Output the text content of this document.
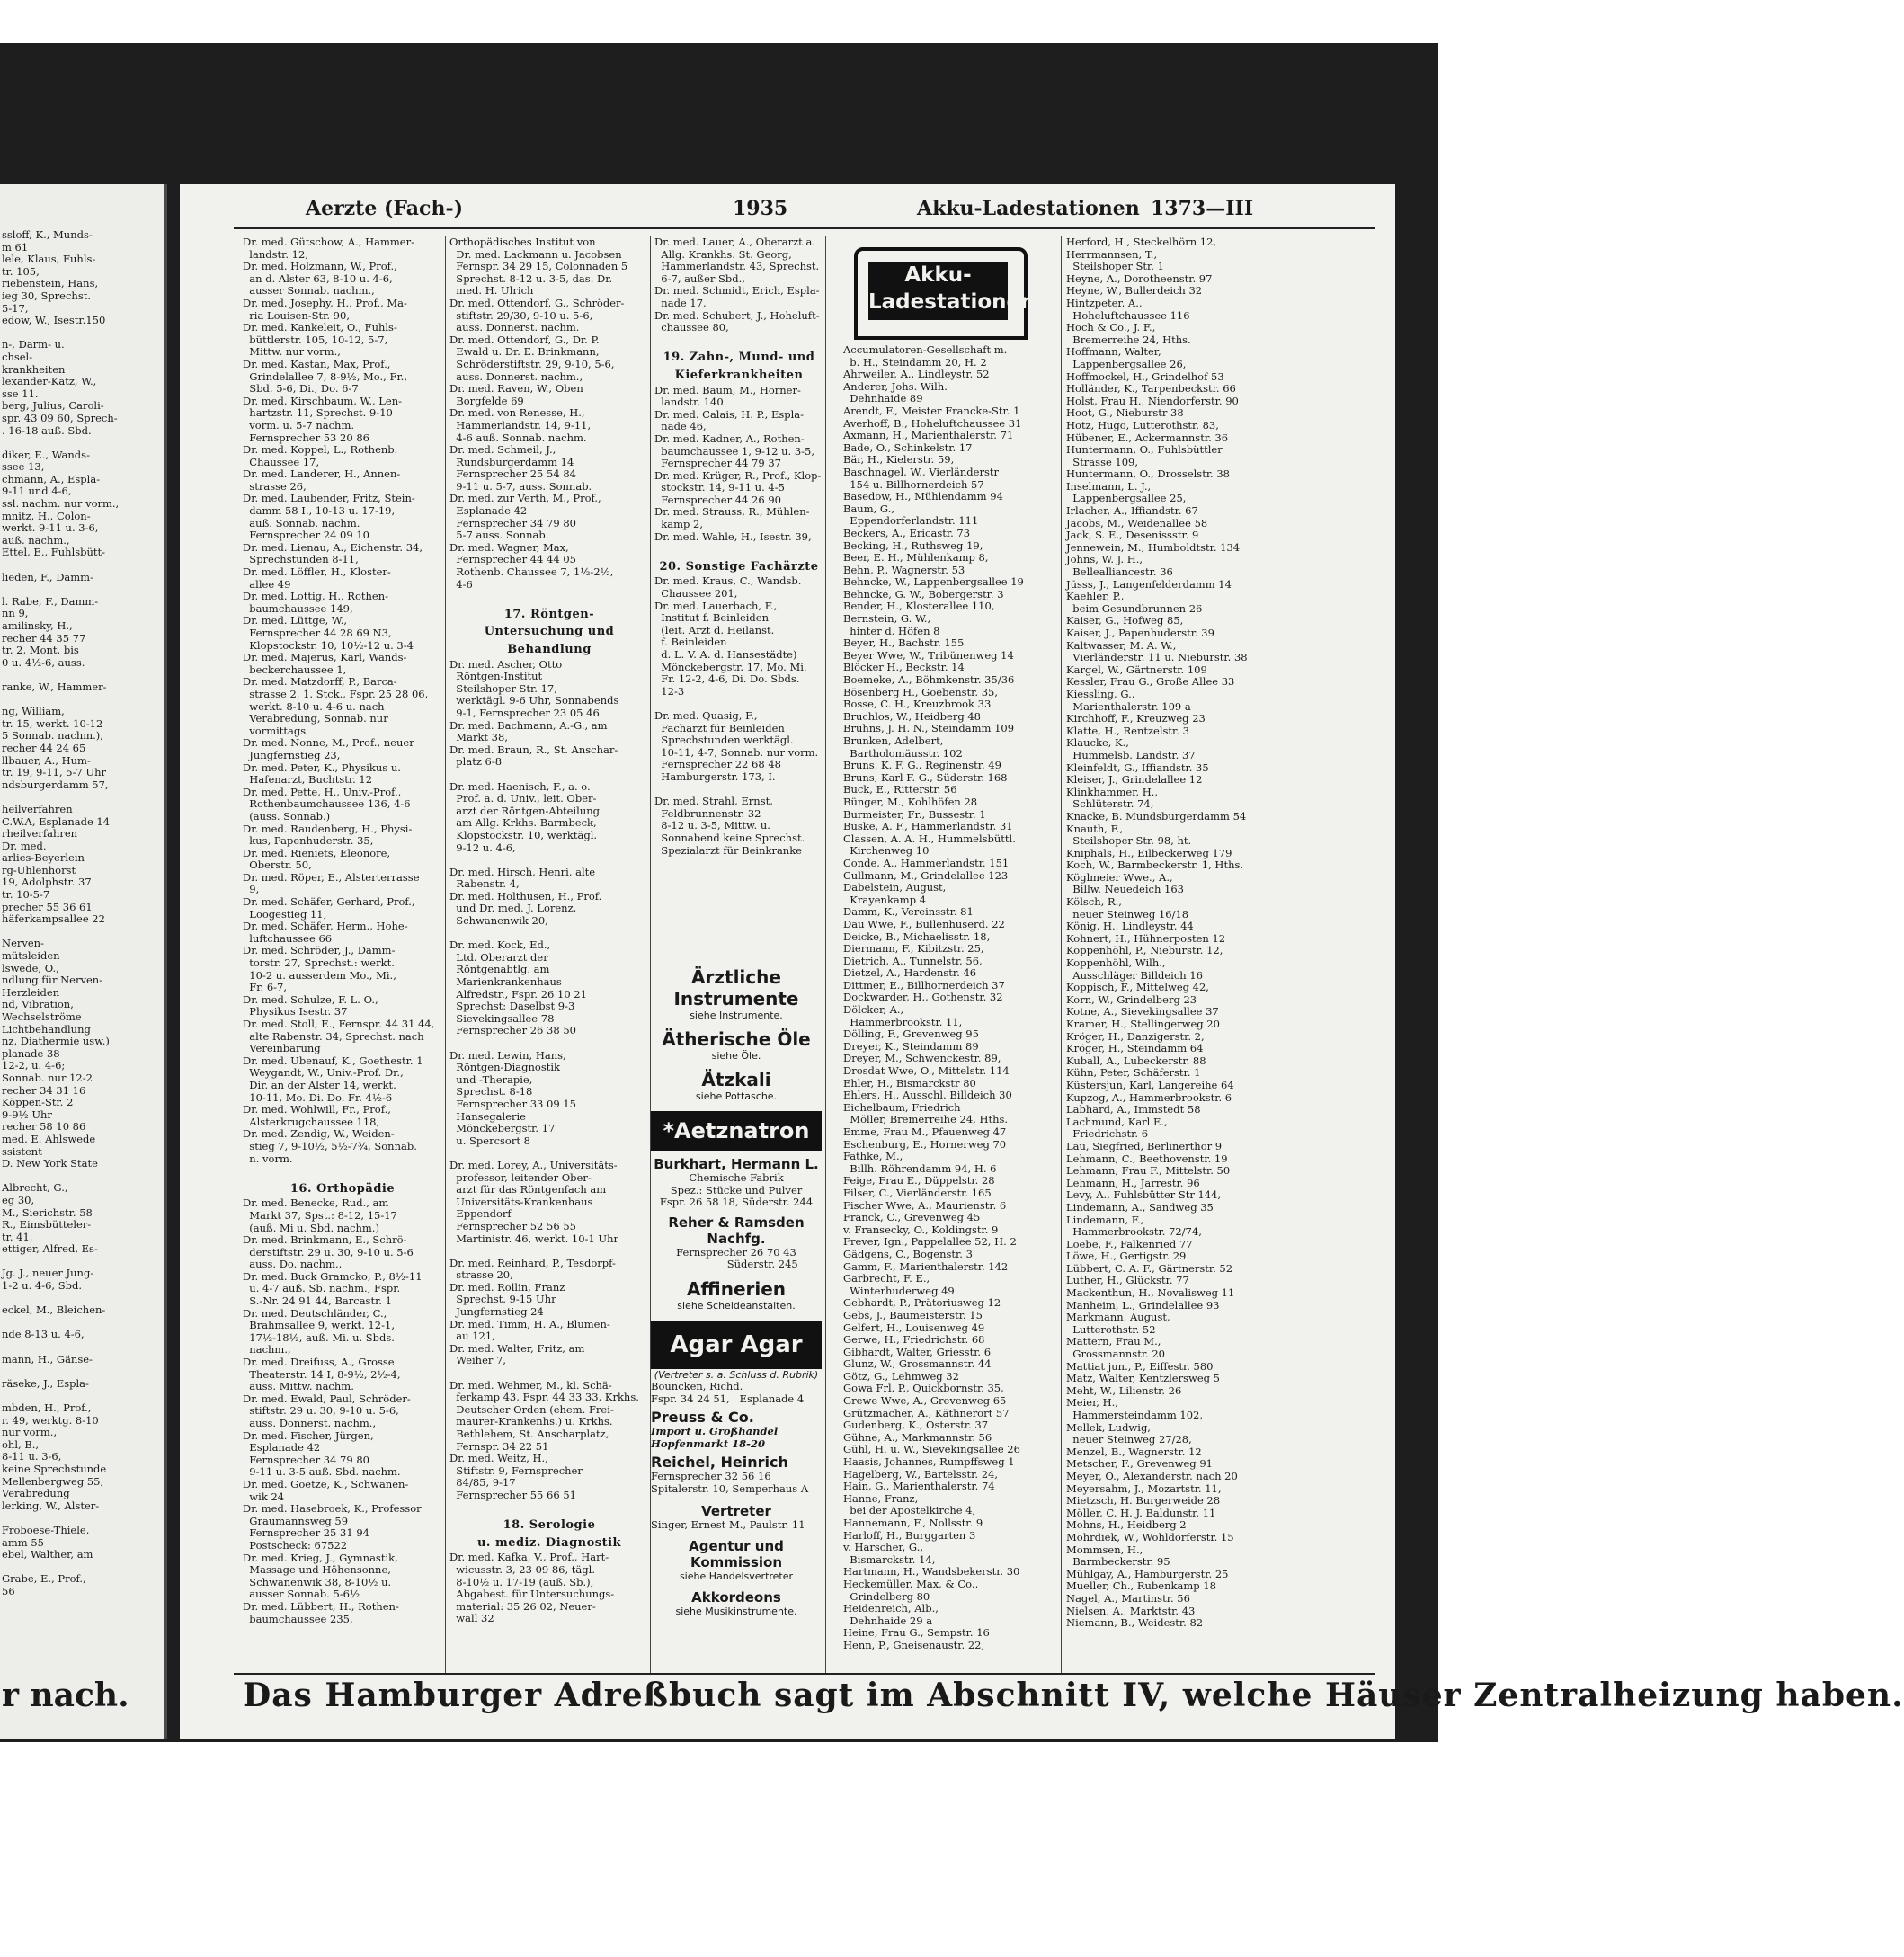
ssloff, K., Munds-

m 61

lele, Klaus, Fuhls-

tr. 105,

riebenstein, Hans,

ieg 30, Sprechst.

5-17,

edow, W., Isestr.150

n-, Darm- u.

chsel-

krankheiten

lexander-Katz, W.,

sse 11.

berg, Julius, Caroli-

spr. 43 09 60, Sprech-

. 16-18 auß. Sbd.

diker, E., Wands-

ssee 13,

chmann, A., Espla-

9-11 und 4-6,

ssl. nachm. nur vorm.,

mnitz, H., Colon-

werkt. 9-11 u. 3-6,

auß. nachm.,

Ettel, E., Fuhlsbütt-

lieden, F., Damm-

l. Rabe, F., Damm-

nn 9,

amilinsky, H.,

recher 44 35 77

tr. 2, Mont. bis

0 u. 4½-6, auss.

ranke, W., Hammer-

ng, William,

tr. 15, werkt. 10-12

5 Sonnab. nachm.),

recher 44 24 65

llbauer, A., Hum-

tr. 19, 9-11, 5-7 Uhr

ndsburgerdamm 57,

heilverfahren

C.W.A, Esplanade 14

rheilverfahren

Dr. med.

arlies-Beyerlein

rg-Uhlenhorst

19, Adolphstr. 37

tr. 10-5-7

precher 55 36 61

häferkampsallee 22

Nerven-

mütsleiden

lswede, O.,

ndlung für Nerven-

Herzleiden

nd, Vibration,

Wechselströme

Lichtbehandlung

nz, Diathermie usw.)

planade 38

12-2, u. 4-6;

Sonnab. nur 12-2

recher 34 31 16

Köppen-Str. 2

9-9½ Uhr

recher 58 10 86

med. E. Ahlswede

ssistent

D. New York State

Albrecht, G.,

eg 30,

M., Sierichstr. 58

R., Eimsbütteler-

tr. 41,

ettiger, Alfred, Es-

Jg. J., neuer Jung-

1-2 u. 4-6, Sbd.

eckel, M., Bleichen-

nde 8-13 u. 4-6,

mann, H., Gänse-

räseke, J., Espla-

mbden, H., Prof.,

r. 49, werktg. 8-10

nur vorm.,

ohl, B.,

8-11 u. 3-6,

keine Sprechstunde

Mellenbergweg 55,

Verabredung

lerking, W., Alster-

Froboese-Thiele,

amm 55

ebel, Walther, am

Grabe, E., Prof.,

56

r nach.
Aerzte (Fach-)	1935	Akku-Ladestationen 1373—III

Dr. med. Gütschow, A., Hammer-

landstr. 12,

Dr. med. Holzmann, W., Prof.,

an d. Alster 63, 8-10 u. 4-6,

ausser Sonnab. nachm.,

Dr. med. Josephy, H., Prof., Ma-

ria Louisen-Str. 90,

Dr. med. Kankeleit, O., Fuhls-

büttlerstr. 105, 10-12, 5-7,

Mittw. nur vorm.,

Dr. med. Kastan, Max, Prof.,

Grindelallee 7, 8-9½, Mo., Fr.,

Sbd. 5-6, Di., Do. 6-7

Dr. med. Kirschbaum, W., Len-

hartzstr. 11, Sprechst. 9-10

vorm. u. 5-7 nachm.

Fernsprecher 53 20 86

Dr. med. Koppel, L., Rothenb.

Chaussee 17,

Dr. med. Landerer, H., Annen-

strasse 26,

Dr. med. Laubender, Fritz, Stein-

damm 58 I., 10-13 u. 17-19,

auß. Sonnab. nachm.

Fernsprecher 24 09 10

Dr. med. Lienau, A., Eichenstr. 34,

Sprechstunden 8-11,

Dr. med. Löffler, H., Kloster-

allee 49

Dr. med. Lottig, H., Rothen-

baumchaussee 149,

Dr. med. Lüttge, W.,

Fernsprecher 44 28 69 N3,

Klopstockstr. 10, 10½-12 u. 3-4

Dr. med. Majerus, Karl, Wands-

beckerchaussee 1,

Dr. med. Matzdorff, P., Barca-

strasse 2, 1. Stck., Fspr. 25 28 06,

werkt. 8-10 u. 4-6 u. nach

Verabredung, Sonnab. nur

vormittags

Dr. med. Nonne, M., Prof., neuer

Jungfernstieg 23,

Dr. med. Peter, K., Physikus u.

Hafenarzt, Buchtstr. 12

Dr. med. Pette, H., Univ.-Prof.,

Rothenbaumchaussee 136, 4-6

(auss. Sonnab.)

Dr. med. Raudenberg, H., Physi-

kus, Papenhuderstr. 35,

Dr. med. Rieniets, Eleonore,

Oberstr. 50,

Dr. med. Röper, E., Alsterterrasse

9,

Dr. med. Schäfer, Gerhard, Prof.,

Loogestieg 11,

Dr. med. Schäfer, Herm., Hohe-

luftchaussee 66

Dr. med. Schröder, J., Damm-

torstr. 27, Sprechst.: werkt.

10-2 u. ausserdem Mo., Mi.,

Fr. 6-7,

Dr. med. Schulze, F. L. O.,

Physikus Isestr. 37

Dr. med. Stoll, E., Fernspr. 44 31 44,

alte Rabenstr. 34, Sprechst. nach

Vereinbarung

Dr. med. Ubenauf, K., Goethestr. 1

Weygandt, W., Univ.-Prof. Dr.,

Dir. an der Alster 14, werkt.

10-11, Mo. Di. Do. Fr. 4½-6

Dr. med. Wohlwill, Fr., Prof.,

Alsterkrugchaussee 118,

Dr. med. Zendig, W., Weiden-

stieg 7, 9-10½, 5½-7¾, Sonnab.

n. vorm.

16. Orthopädie

Dr. med. Benecke, Rud., am

Markt 37, Spst.: 8-12, 15-17

(auß. Mi u. Sbd. nachm.)

Dr. med. Brinkmann, E., Schrö-

derstiftstr. 29 u. 30, 9-10 u. 5-6

auss. Do. nachm.,

Dr. med. Buck Gramcko, P., 8½-11

u. 4-7 auß. Sb. nachm., Fspr.

S.-Nr. 24 91 44, Barcastr. 1

Dr. med. Deutschländer, C.,

Brahmsallee 9, werkt. 12-1,

17½-18½, auß. Mi. u. Sbds.

nachm.,

Dr. med. Dreifuss, A., Grosse

Theaterstr. 14 I, 8-9½, 2½-4,

auss. Mittw. nachm.

Dr. med. Ewald, Paul, Schröder-

stiftstr. 29 u. 30, 9-10 u. 5-6,

auss. Donnerst. nachm.,

Dr. med. Fischer, Jürgen,

Esplanade 42

Fernsprecher 34 79 80

9-11 u. 3-5 auß. Sbd. nachm.

Dr. med. Goetze, K., Schwanen-

wik 24

Dr. med. Hasebroek, K., Professor

Graumannsweg 59

Fernsprecher 25 31 94

Postscheck: 67522

Dr. med. Krieg, J., Gymnastik,

Massage und Höhensonne,

Schwanenwik 38, 8-10½ u.

ausser Sonnab. 5-6½

Dr. med. Lübbert, H., Rothen-

baumchaussee 235,

Orthopädisches Institut von

Dr. med. Lackmann u. Jacobsen

Fernspr. 34 29 15, Colonnaden 5

Sprechst. 8-12 u. 3-5, das. Dr.

med. H. Ulrich

Dr. med. Ottendorf, G., Schröder-

stiftstr. 29/30, 9-10 u. 5-6,

auss. Donnerst. nachm.

Dr. med. Ottendorf, G., Dr. P.

Ewald u. Dr. E. Brinkmann,

Schröderstiftstr. 29, 9-10, 5-6,

auss. Donnerst. nachm.,

Dr. med. Raven, W., Oben

Borgfelde 69

Dr. med. von Renesse, H.,

Hammerlandstr. 14, 9-11,

4-6 auß. Sonnab. nachm.

Dr. med. Schmeil, J.,

Rundsburgerdamm 14

Fernsprecher 25 54 84

9-11 u. 5-7, auss. Sonnab.

Dr. med. zur Verth, M., Prof.,

Esplanade 42

Fernsprecher 34 79 80

5-7 auss. Sonnab.

Dr. med. Wagner, Max,

Fernsprecher 44 44 05

Rothenb. Chaussee 7, 1½-2½,

4-6

17. Röntgen-

Untersuchung und

Behandlung

Dr. med. Ascher, Otto

Röntgen-Institut

Steilshoper Str. 17,

werktägl. 9-6 Uhr, Sonnabends

9-1, Fernsprecher 23 05 46

Dr. med. Bachmann, A.-G., am

Markt 38,

Dr. med. Braun, R., St. Anschar-

platz 6-8

Dr. med. Haenisch, F., a. o.

Prof. a. d. Univ., leit. Ober-

arzt der Röntgen-Abteilung

am Allg. Krkhs. Barmbeck,

Klopstockstr. 10, werktägl.

9-12 u. 4-6,

Dr. med. Hirsch, Henri, alte

Rabenstr. 4,

Dr. med. Holthusen, H., Prof.

und Dr. med. J. Lorenz,

Schwanenwik 20,

Dr. med. Kock, Ed.,

Ltd. Oberarzt der

Röntgenabtlg. am

Marienkrankenhaus

Alfredstr., Fspr. 26 10 21

Sprechst: Daselbst 9-3

Sievekingsallee 78

Fernsprecher 26 38 50

Dr. med. Lewin, Hans,

Röntgen-Diagnostik

und -Therapie,

Sprechst. 8-18

Fernsprecher 33 09 15

Hansegalerie

Mönckebergstr. 17

u. Spercsort 8

Dr. med. Lorey, A., Universitäts-

professor, leitender Ober-

arzt für das Röntgenfach am

Universitäts-Krankenhaus

Eppendorf

Fernsprecher 52 56 55

Martinistr. 46, werkt. 10-1 Uhr

Dr. med. Reinhard, P., Tesdorpf-

strasse 20,

Dr. med. Rollin, Franz

Sprechst. 9-15 Uhr

Jungfernstieg 24

Dr. med. Timm, H. A., Blumen-

au 121,

Dr. med. Walter, Fritz, am

Weiher 7,

Dr. med. Wehmer, M., kl. Schä-

ferkamp 43, Fspr. 44 33 33, Krkhs.

Deutscher Orden (ehem. Frei-

maurer-Krankenhs.) u. Krkhs.

Bethlehem, St. Anscharplatz,

Fernspr. 34 22 51

Dr. med. Weitz, H.,

Stiftstr. 9, Fernsprecher

84/85, 9-17

Fernsprecher 55 66 51

18. Serologie

u. mediz. Diagnostik

Dr. med. Kafka, V., Prof., Hart-

wicusstr. 3, 23 09 86, tägl.

8-10½ u. 17-19 (auß. Sb.),

Abgabest. für Untersuchungs-

material: 35 26 02, Neuer-

wall 32

Dr. med. Lauer, A., Oberarzt a.

Allg. Krankhs. St. Georg,

Hammerlandstr. 43, Sprechst.

6-7, außer Sbd.,

Dr. med. Schmidt, Erich, Espla-

nade 17,

Dr. med. Schubert, J., Hoheluft-

chaussee 80,

19. Zahn-, Mund- und

Kieferkrankheiten

Dr. med. Baum, M., Horner-

landstr. 140

Dr. med. Calais, H. P., Espla-

nade 46,

Dr. med. Kadner, A., Rothen-

baumchaussee 1, 9-12 u. 3-5,

Fernsprecher 44 79 37

Dr. med. Krüger, R., Prof., Klop-

stockstr. 14, 9-11 u. 4-5

Fernsprecher 44 26 90

Dr. med. Strauss, R., Mühlen-

kamp 2,

Dr. med. Wahle, H., Isestr. 39,

20. Sonstige Fachärzte

Dr. med. Kraus, C., Wandsb.

Chaussee 201,

Dr. med. Lauerbach, F.,

Institut f. Beinleiden

(leit. Arzt d. Heilanst.

f. Beinleiden

d. L. V. A. d. Hansestädte)

Mönckebergstr. 17, Mo. Mi.

Fr. 12-2, 4-6, Di. Do. Sbds.

12-3

Dr. med. Quasig, F.,

Facharzt für Beinleiden

Sprechstunden werktägl.

10-11, 4-7, Sonnab. nur vorm.

Fernsprecher 22 68 48

Hamburgerstr. 173, I.

Dr. med. Strahl, Ernst,

Feldbrunnenstr. 32

8-12 u. 3-5, Mittw. u.

Sonnabend keine Sprechst.

Spezialarzt für Beinkranke

Ärztliche Instrumente
siehe Instrumente.
Ätherische Öle
siehe Öle.
Ätzkali
siehe Pottasche.
*Aetznatron
Burkhart, Hermann L.

Chemische Fabrik
Spez.: Stücke und Pulver
Fspr. 26 58 18, Süderstr. 244

Reher & Ramsden
Nachfg.

Fernsprecher 26 70 43
Süderstr. 245

Affinerien
siehe Scheideanstalten.
Agar Agar
(Vertreter s. a. Schluss d. Rubrik)

Bouncken, Richd.
Fspr. 34 24 51,   Esplanade 4

Preuss & Co.

Import u. Großhandel
Hopfenmarkt 18-20

Reichel, Heinrich

Fernsprecher 32 56 16
Spitalerstr. 10, Semperhaus A

Vertreter

Singer, Ernest M., Paulstr. 11

Agentur und Kommission
siehe Handelsvertreter
Akkordeons
siehe Musikinstrumente.
Akku-
Ladestationen

Accumulatoren-Gesellschaft m.

b. H., Steindamm 20, H. 2

Ahrweiler, A., Lindleystr. 52

Anderer, Johs. Wilh.

Dehnhaide 89

Arendt, F., Meister Francke-Str. 1

Averhoff, B., Hoheluftchaussee 31

Axmann, H., Marienthalerstr. 71

Bade, O., Schinkelstr. 17

Bär, H., Kielerstr. 59,

Baschnagel, W., Vierländerstr

154 u. Billhornerdeich 57

Basedow, H., Mühlendamm 94

Baum, G.,

Eppendorferlandstr. 111

Beckers, A., Ericastr. 73

Becking, H., Ruthsweg 19,

Beer, E. H., Mühlenkamp 8,

Behn, P., Wagnerstr. 53

Behncke, W., Lappenbergsallee 19

Behncke, G. W., Bobergerstr. 3

Bender, H., Klosterallee 110,

Bernstein, G. W.,

hinter d. Höfen 8

Beyer, H., Bachstr. 155

Beyer Wwe, W., Tribünenweg 14

Blöcker H., Beckstr. 14

Boemeke, A., Böhmkenstr. 35/36

Bösenberg H., Goebenstr. 35,

Bosse, C. H., Kreuzbrook 33

Bruchlos, W., Heidberg 48

Bruhns, J. H. N., Steindamm 109

Brunken, Adelbert,

Bartholomäusstr. 102

Bruns, K. F. G., Reginenstr. 49

Bruns, Karl F. G., Süderstr. 168

Buck, E., Ritterstr. 56

Bünger, M., Kohlhöfen 28

Burmeister, Fr., Bussestr. 1

Buske, A. F., Hammerlandstr. 31

Classen, A. A. H., Hummelsbüttl.

Kirchenweg 10

Conde, A., Hammerlandstr. 151

Cullmann, M., Grindelallee 123

Dabelstein, August,

Krayenkamp 4

Damm, K., Vereinsstr. 81

Dau Wwe, F., Bullenhuserd. 22

Deicke, B., Michaelisstr. 18,

Diermann, F., Kibitzstr. 25,

Dietrich, A., Tunnelstr. 56,

Dietzel, A., Hardenstr. 46

Dittmer, E., Billhornerdeich 37

Dockwarder, H., Gothenstr. 32

Dölcker, A.,

Hammerbrookstr. 11,

Dölling, F., Grevenweg 95

Dreyer, K., Steindamm 89

Dreyer, M., Schwenckestr. 89,

Drosdat Wwe, O., Mittelstr. 114

Ehler, H., Bismarckstr 80

Ehlers, H., Ausschl. Billdeich 30

Eichelbaum, Friedrich

Möller, Bremerreihe 24, Hths.

Emme, Frau M., Pfauenweg 47

Eschenburg, E., Hornerweg 70

Fathke, M.,

Billh. Röhrendamm 94, H. 6

Feige, Frau E., Düppelstr. 28

Filser, C., Vierländerstr. 165

Fischer Wwe, A., Maurienstr. 6

Franck, C., Grevenweg 45

v. Fransecky, O., Koldingstr. 9

Frever, Ign., Pappelallee 52, H. 2

Gädgens, C., Bogenstr. 3

Gamm, F., Marienthalerstr. 142

Garbrecht, F. E.,

Winterhuderweg 49

Gebhardt, P., Prätoriusweg 12

Gebs, J., Baumeisterstr. 15

Gelfert, H., Louisenweg 49

Gerwe, H., Friedrichstr. 68

Gibhardt, Walter, Griesstr. 6

Glunz, W., Grossmannstr. 44

Götz, G., Lehmweg 32

Gowa Frl. P., Quickbornstr. 35,

Grewe Wwe, A., Grevenweg 65

Grützmacher, A., Käthnerort 57

Gudenberg, K., Osterstr. 37

Gühne, A., Markmannstr. 56

Gühl, H. u. W., Sievekingsallee 26

Haasis, Johannes, Rumpffsweg 1

Hagelberg, W., Bartelsstr. 24,

Hain, G., Marienthalerstr. 74

Hanne, Franz,

bei der Apostelkirche 4,

Hannemann, F., Nollsstr. 9

Harloff, H., Burggarten 3

v. Harscher, G.,

Bismarckstr. 14,

Hartmann, H., Wandsbekerstr. 30

Heckemüller, Max, & Co.,

Grindelberg 80

Heidenreich, Alb.,

Dehnhaide 29 a

Heine, Frau G., Sempstr. 16

Henn, P., Gneisenaustr. 22,

Herford, H., Steckelhörn 12,

Herrmannsen, T.,

Steilshoper Str. 1

Heyne, A., Dorotheenstr. 97

Heyne, W., Bullerdeich 32

Hintzpeter, A.,

Hoheluftchaussee 116

Hoch & Co., J. F.,

Bremerreihe 24, Hths.

Hoffmann, Walter,

Lappenbergsallee 26,

Hoffmockel, H., Grindelhof 53

Holländer, K., Tarpenbeckstr. 66

Holst, Frau H., Niendorferstr. 90

Hoot, G., Nieburstr 38

Hotz, Hugo, Lutterothstr. 83,

Hübener, E., Ackermannstr. 36

Huntermann, O., Fuhlsbüttler

Strasse 109,

Huntermann, O., Drosselstr. 38

Inselmann, L. J.,

Lappenbergsallee 25,

Irlacher, A., Iffiandstr. 67

Jacobs, M., Weidenallee 58

Jack, S. E., Desenissstr. 9

Jennewein, M., Humboldtstr. 134

Johns, W. J. H.,

Bellealliancestr. 36

Jüsss, J., Langenfelderdamm 14

Kaehler, P.,

beim Gesundbrunnen 26

Kaiser, G., Hofweg 85,

Kaiser, J., Papenhuderstr. 39

Kaltwasser, M. A. W.,

Vierländerstr. 11 u. Nieburstr. 38

Kargel, W., Gärtnerstr. 109

Kessler, Frau G., Große Allee 33

Kiessling, G.,

Marienthalerstr. 109 a

Kirchhoff, F., Kreuzweg 23

Klatte, H., Rentzelstr. 3

Klaucke, K.,

Hummelsb. Landstr. 37

Kleinfeldt, G., Iffiandstr. 35

Kleiser, J., Grindelallee 12

Klinkhammer, H.,

Schlüterstr. 74,

Knacke, B. Mundsburgerdamm 54

Knauth, F.,

Steilshoper Str. 98, ht.

Kniphals, H., Eilbeckerweg 179

Koch, W., Barmbeckerstr. 1, Hths.

Köglmeier Wwe., A.,

Billw. Neuedeich 163

Kölsch, R.,

neuer Steinweg 16/18

König, H., Lindleystr. 44

Kohnert, H., Hühnerposten 12

Koppenhöhl, P., Nieburstr. 12,

Koppenhöhl, Wilh.,

Ausschläger Billdeich 16

Koppisch, F., Mittelweg 42,

Korn, W., Grindelberg 23

Kotne, A., Sievekingsallee 37

Kramer, H., Stellingerweg 20

Kröger, H., Danzigerstr. 2,

Kröger, H., Steindamm 64

Kuball, A., Lubeckerstr. 88

Kühn, Peter, Schäferstr. 1

Küstersjun, Karl, Langereihe 64

Kupzog, A., Hammerbrookstr. 6

Labhard, A., Immstedt 58

Lachmund, Karl E.,

Friedrichstr. 6

Lau, Siegfried, Berlinerthor 9

Lehmann, C., Beethovenstr. 19

Lehmann, Frau F., Mittelstr. 50

Lehmann, H., Jarrestr. 96

Levy, A., Fuhlsbütter Str 144,

Lindemann, A., Sandweg 35

Lindemann, F.,

Hammerbrookstr. 72/74,

Loebe, F., Falkenried 77

Löwe, H., Gertigstr. 29

Lübbert, C. A. F., Gärtnerstr. 52

Luther, H., Glückstr. 77

Mackenthun, H., Novalisweg 11

Manheim, L., Grindelallee 93

Markmann, August,

Lutterothstr. 52

Mattern, Frau M.,

Grossmannstr. 20

Mattiat jun., P., Eiffestr. 580

Matz, Walter, Kentzlersweg 5

Meht, W., Lilienstr. 26

Meier, H.,

Hammersteindamm 102,

Mellek, Ludwig,

neuer Steinweg 27/28,

Menzel, B., Wagnerstr. 12

Metscher, F., Grevenweg 91

Meyer, O., Alexanderstr. nach 20

Meyersahm, J., Mozartstr. 11,

Mietzsch, H. Burgerweide 28

Möller, C. H. J. Baldunstr. 11

Mohns, H., Heidberg 2

Mohrdiek, W., Wohldorferstr. 15

Mommsen, H.,

Barmbeckerstr. 95

Mühlgay, A., Hamburgerstr. 25

Mueller, Ch., Rubenkamp 18

Nagel, A., Martinstr. 56

Nielsen, A., Marktstr. 43

Niemann, B., Weidestr. 82

Das Hamburger Adreßbuch sagt im Abschnitt IV, welche Häuser Zentralheizung haben.
